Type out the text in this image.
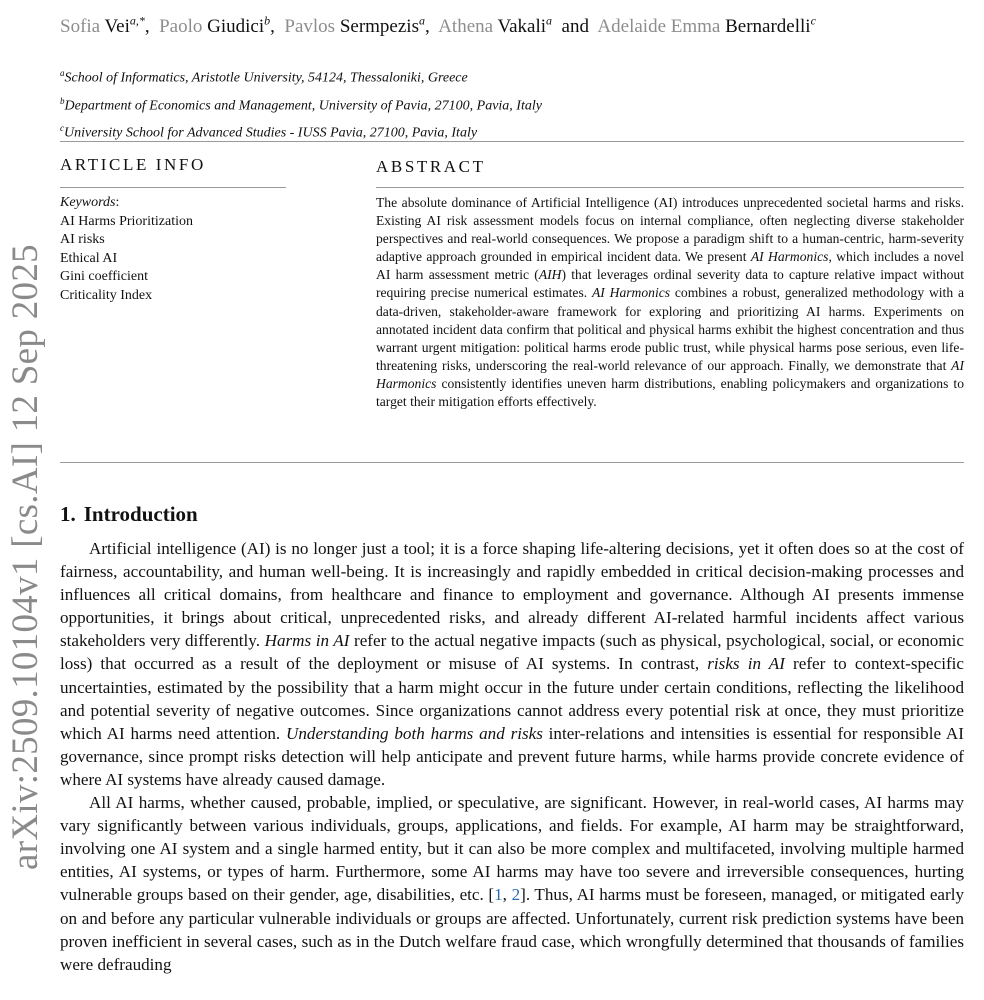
arXiv:2509.10104v1 [cs.AI] 12 Sep 2025
Sofia Vei$^{a,*}$, Paolo Giudici$^b$, Pavlos Sermpezis$^a$, Athena Vakali$^a$ and Adelaide Emma Bernardelli$^c$
$^a$School of Informatics, Aristotle University, 54124, Thessaloniki, Greece
$^b$Department of Economics and Management, University of Pavia, 27100, Pavia, Italy
$^c$University School for Advanced Studies - IUSS Pavia, 27100, Pavia, Italy
ARTICLE INFO	ABSTRACT
Keywords:
AI Harms Prioritization
AI risks
Ethical AI
Gini coefficient
Criticality Index
The absolute dominance of Artificial Intelligence (AI) introduces unprecedented societal harms and risks. Existing AI risk assessment models focus on internal compliance, often neglecting diverse stakeholder perspectives and real-world consequences. We propose a paradigm shift to a human-centric, harm-severity adaptive approach grounded in empirical incident data. We present AI Harmonics, which includes a novel AI harm assessment metric (AIH) that leverages ordinal severity data to capture relative impact without requiring precise numerical estimates. AI Harmonics combines a robust, generalized methodology with a data-driven, stakeholder-aware framework for exploring and prioritizing AI harms. Experiments on annotated incident data confirm that political and physical harms exhibit the highest concentration and thus warrant urgent mitigation: political harms erode public trust, while physical harms pose serious, even life-threatening risks, underscoring the real-world relevance of our approach. Finally, we demonstrate that AI Harmonics consistently identifies uneven harm distributions, enabling policymakers and organizations to target their mitigation efforts effectively.
1. Introduction

Artificial intelligence (AI) is no longer just a tool; it is a force shaping life-altering decisions, yet it often does so at the cost of fairness, accountability, and human well-being. It is increasingly and rapidly embedded in critical decision-making processes and influences all critical domains, from healthcare and finance to employment and governance. Although AI presents immense opportunities, it brings about critical, unprecedented risks, and already different AI-related harmful incidents affect various stakeholders very differently. Harms in AI refer to the actual negative impacts (such as physical, psychological, social, or economic loss) that occurred as a result of the deployment or misuse of AI systems. In contrast, risks in AI refer to context-specific uncertainties, estimated by the possibility that a harm might occur in the future under certain conditions, reflecting the likelihood and potential severity of negative outcomes. Since organizations cannot address every potential risk at once, they must prioritize which AI harms need attention. Understanding both harms and risks inter-relations and intensities is essential for responsible AI governance, since prompt risks detection will help anticipate and prevent future harms, while harms provide concrete evidence of where AI systems have already caused damage.

All AI harms, whether caused, probable, implied, or speculative, are significant. However, in real-world cases, AI harms may vary significantly between various individuals, groups, applications, and fields. For example, AI harm may be straightforward, involving one AI system and a single harmed entity, but it can also be more complex and multifaceted, involving multiple harmed entities, AI systems, or types of harm. Furthermore, some AI harms may have too severe and irreversible consequences, hurting vulnerable groups based on their gender, age, disabilities, etc. [1, 2]. Thus, AI harms must be foreseen, managed, or mitigated early on and before any particular vulnerable individuals or groups are affected. Unfortunately, current risk prediction systems have been proven inefficient in several cases, such as in the Dutch welfare fraud case, which wrongfully determined that thousands of families were defrauding
